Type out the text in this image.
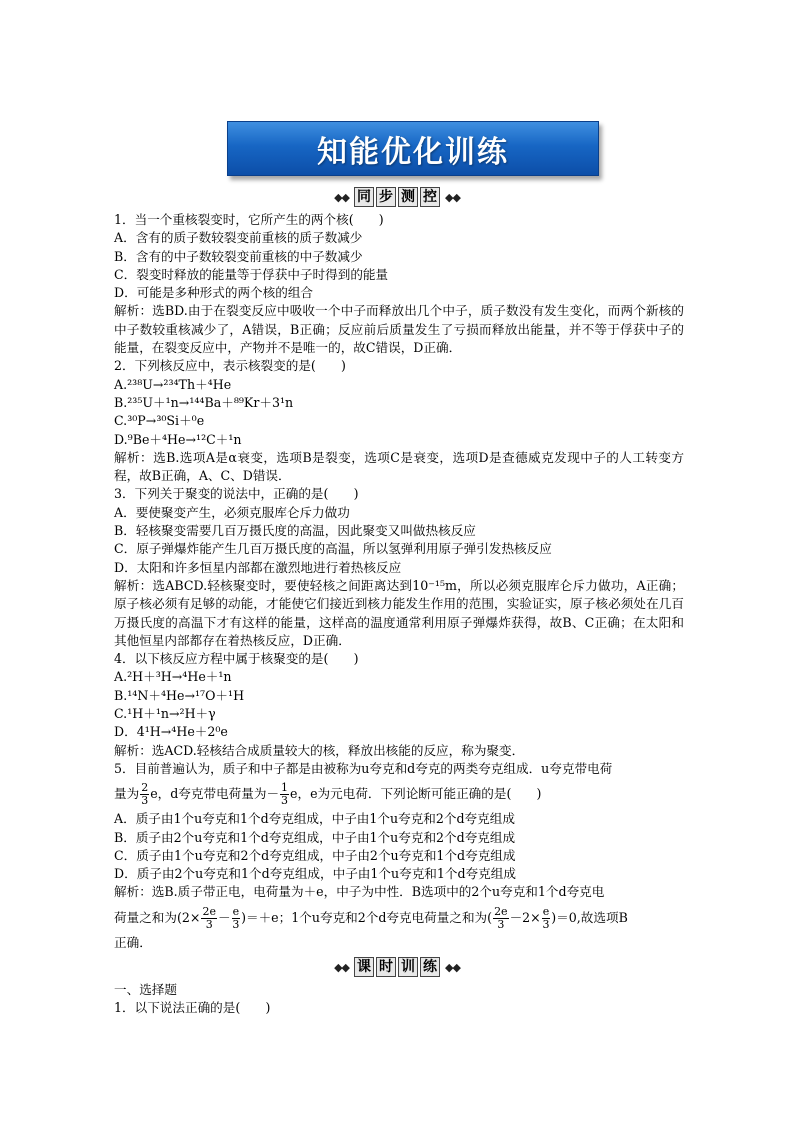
知能优化训练
◆◆ 同 步 测 控 ◆◆

1．当一个重核裂变时，它所产生的两个核(　　)

A．含有的质子数较裂变前重核的质子数减少

B．含有的中子数较裂变前重核的中子数减少

C．裂变时释放的能量等于俘获中子时得到的能量

D．可能是多种形式的两个核的组合

解析：选BD.由于在裂变反应中吸收一个中子而释放出几个中子，质子数没有发生变化，而两个新核的中子数较重核减少了，A错误，B正确；反应前后质量发生了亏损而释放出能量，并不等于俘获中子的能量，在裂变反应中，产物并不是唯一的，故C错误，D正确．

2．下列核反应中，表示核裂变的是(　　)

A.²³⁸U→²³⁴Th＋⁴He

B.²³⁵U＋¹n→¹⁴⁴Ba＋⁸⁹Kr＋3¹n

C.³⁰P→³⁰Si＋⁰e

D.⁹Be＋⁴He→¹²C＋¹n

解析：选B.选项A是α衰变，选项B是裂变，选项C是衰变，选项D是查德威克发现中子的人工转变方程，故B正确，A、C、D错误．

3．下列关于聚变的说法中，正确的是(　　)

A．要使聚变产生，必须克服库仑斥力做功

B．轻核聚变需要几百万摄氏度的高温，因此聚变又叫做热核反应

C．原子弹爆炸能产生几百万摄氏度的高温，所以氢弹利用原子弹引发热核反应

D．太阳和许多恒星内部都在激烈地进行着热核反应

解析：选ABCD.轻核聚变时，要使轻核之间距离达到10⁻¹⁵m，所以必须克服库仑斥力做功，A正确；原子核必须有足够的动能，才能使它们接近到核力能发生作用的范围，实验证实，原子核必须处在几百万摄氏度的高温下才有这样的能量，这样高的温度通常利用原子弹爆炸获得，故B、C正确；在太阳和其他恒星内部都存在着热核反应，D正确．

4．以下核反应方程中属于核聚变的是(　　)

A.²H＋³H→⁴He＋¹n

B.¹⁴N＋⁴He→¹⁷O＋¹H

C.¹H＋¹n→²H＋γ

D．4¹H→⁴He＋2⁰e

解析：选ACD.轻核结合成质量较大的核，释放出核能的反应，称为聚变．

5．目前普遍认为，质子和中子都是由被称为u夸克和d夸克的两类夸克组成．u夸克带电荷

量为 $\frac{2}{3}$ e，d夸克带电荷量为－ $\frac{1}{3}$ e，e为元电荷．下列论断可能正确的是(　　)

A．质子由1个u夸克和1个d夸克组成，中子由1个u夸克和2个d夸克组成

B．质子由2个u夸克和1个d夸克组成，中子由1个u夸克和2个d夸克组成

C．质子由1个u夸克和2个d夸克组成，中子由2个u夸克和1个d夸克组成

D．质子由2个u夸克和1个d夸克组成，中子由1个u夸克和1个d夸克组成

解析：选B.质子带正电，电荷量为＋e，中子为中性．B选项中的2个u夸克和1个d夸克电

荷量之和为$(2\times \frac{2e}{3} - \frac{e}{3} )=+e$；1个u夸克和2个d夸克电荷量之和为( $\frac{2e}{3} -2\times \frac{e}{3} )=0$,故选项B

正确．

◆◆ 课 时 训 练 ◆◆

一、选择题

1．以下说法正确的是(　　)
